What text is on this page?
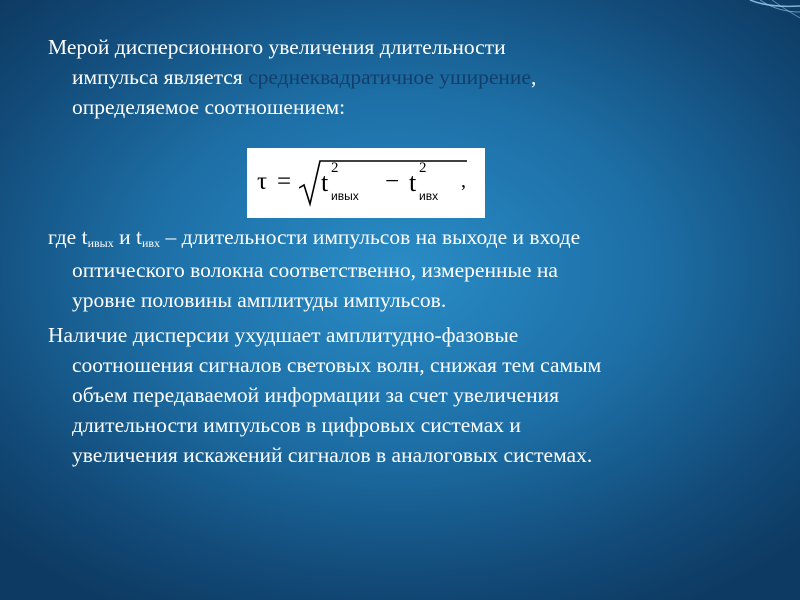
Мерой дисперсионного увеличения длительности
импульса является среднеквадратичное уширение,
определяемое соотношением:
τ = t 2
ивых
− t 2
ивх
,
где tивых и tивх – длительности импульсов на выходе и входе
оптического волокна соответственно, измеренные на
уровне половины амплитуды импульсов.
Наличие дисперсии ухудшает амплитудно-фазовые
соотношения сигналов световых волн, снижая тем самым
объем передаваемой информации за счет увеличения
длительности импульсов в цифровых системах и
увеличения искажений сигналов в аналоговых системах.
